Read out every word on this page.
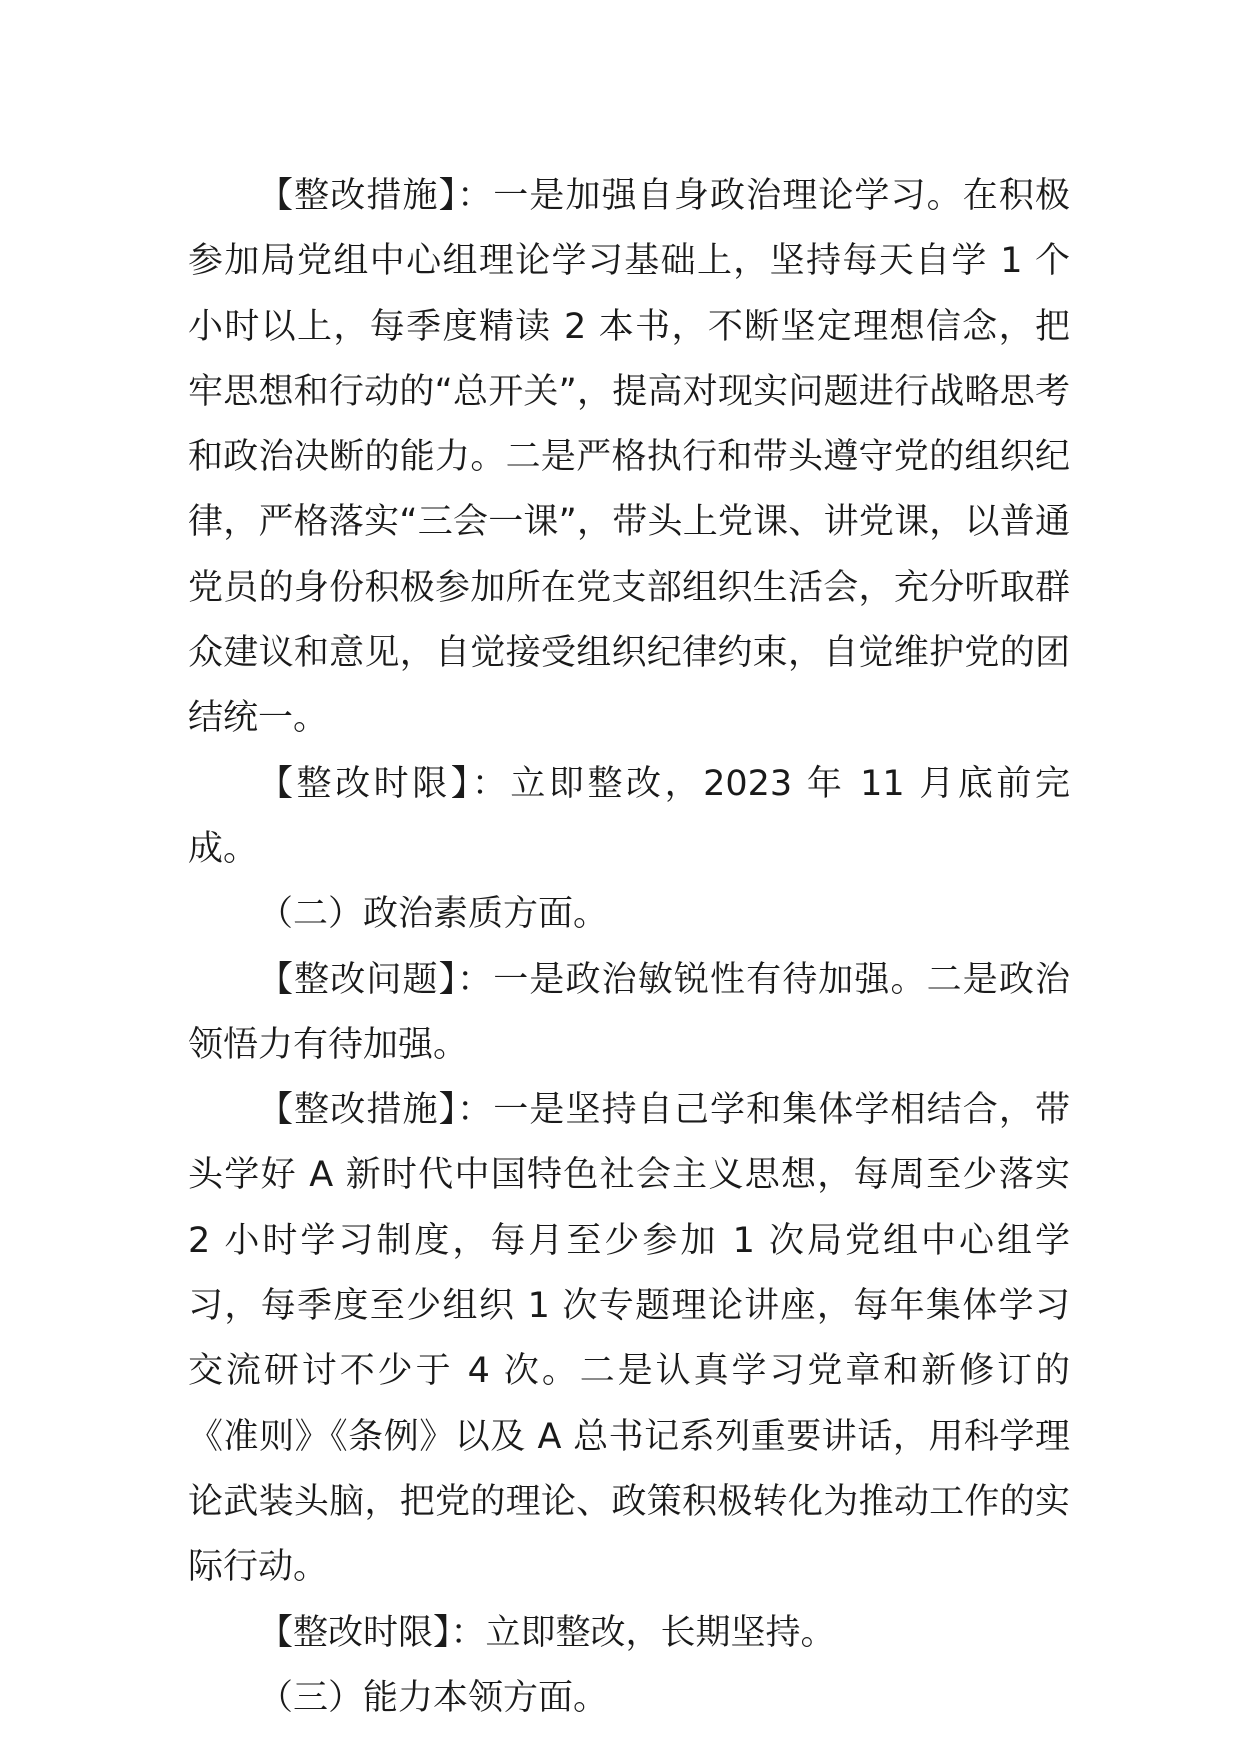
【整改措施】：一是加强自身政治理论学习。在积极参加局党组中心组理论学习基础上，坚持每天自学 1 个小时以上，每季度精读 2 本书，不断坚定理想信念，把牢思想和行动的“总开关”，提高对现实问题进行战略思考和政治决断的能力。二是严格执行和带头遵守党的组织纪律，严格落实“三会一课”，带头上党课、讲党课，以普通党员的身份积极参加所在党支部组织生活会，充分听取群众建议和意见，自觉接受组织纪律约束，自觉维护党的团结统一。

【整改时限】：立即整改，2023 年 11 月底前完成。

（二）政治素质方面。

【整改问题】：一是政治敏锐性有待加强。二是政治领悟力有待加强。

【整改措施】：一是坚持自己学和集体学相结合，带头学好 A 新时代中国特色社会主义思想，每周至少落实 2 小时学习制度，每月至少参加 1 次局党组中心组学习，每季度至少组织 1 次专题理论讲座，每年集体学习交流研讨不少于 4 次。二是认真学习党章和新修订的《准则》《条例》以及 A 总书记系列重要讲话，用科学理论武装头脑，把党的理论、政策积极转化为推动工作的实际行动。

【整改时限】：立即整改，长期坚持。

（三）能力本领方面。
